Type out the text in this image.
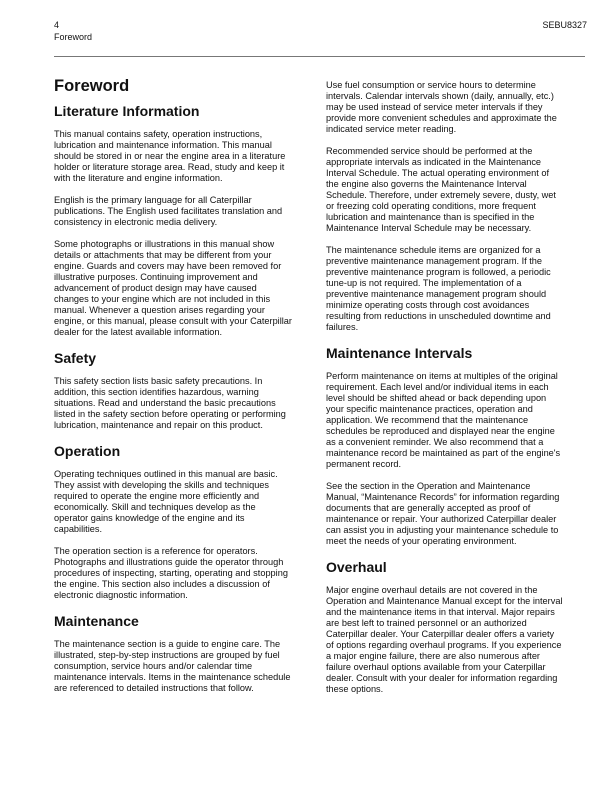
4
Foreword
SEBU8327
Foreword
Literature Information

This manual contains safety, operation instructions, lubrication and maintenance information. This manual should be stored in or near the engine area in a literature holder or literature storage area. Read, study and keep it with the literature and engine information.

English is the primary language for all Caterpillar publications. The English used facilitates translation and consistency in electronic media delivery.

Some photographs or illustrations in this manual show details or attachments that may be different from your engine. Guards and covers may have been removed for illustrative purposes. Continuing improvement and advancement of product design may have caused changes to your engine which are not included in this manual. Whenever a question arises regarding your engine, or this manual, please consult with your Caterpillar dealer for the latest available information.

Safety

This safety section lists basic safety precautions. In addition, this section identifies hazardous, warning situations. Read and understand the basic precautions listed in the safety section before operating or performing lubrication, maintenance and repair on this product.

Operation

Operating techniques outlined in this manual are basic. They assist with developing the skills and techniques required to operate the engine more efficiently and economically. Skill and techniques develop as the operator gains knowledge of the engine and its capabilities.

The operation section is a reference for operators. Photographs and illustrations guide the operator through procedures of inspecting, starting, operating and stopping the engine. This section also includes a discussion of electronic diagnostic information.

Maintenance

The maintenance section is a guide to engine care. The illustrated, step-by-step instructions are grouped by fuel consumption, service hours and/or calendar time maintenance intervals. Items in the maintenance schedule are referenced to detailed instructions that follow.

Use fuel consumption or service hours to determine intervals. Calendar intervals shown (daily, annually, etc.) may be used instead of service meter intervals if they provide more convenient schedules and approximate the indicated service meter reading.

Recommended service should be performed at the appropriate intervals as indicated in the Maintenance Interval Schedule. The actual operating environment of the engine also governs the Maintenance Interval Schedule. Therefore, under extremely severe, dusty, wet or freezing cold operating conditions, more frequent lubrication and maintenance than is specified in the Maintenance Interval Schedule may be necessary.

The maintenance schedule items are organized for a preventive maintenance management program. If the preventive maintenance program is followed, a periodic tune-up is not required. The implementation of a preventive maintenance management program should minimize operating costs through cost avoidances resulting from reductions in unscheduled downtime and failures.

Maintenance Intervals

Perform maintenance on items at multiples of the original requirement. Each level and/or individual items in each level should be shifted ahead or back depending upon your specific maintenance practices, operation and application. We recommend that the maintenance schedules be reproduced and displayed near the engine as a convenient reminder. We also recommend that a maintenance record be maintained as part of the engine's permanent record.

See the section in the Operation and Maintenance Manual, “Maintenance Records” for information regarding documents that are generally accepted as proof of maintenance or repair. Your authorized Caterpillar dealer can assist you in adjusting your maintenance schedule to meet the needs of your operating environment.

Overhaul

Major engine overhaul details are not covered in the Operation and Maintenance Manual except for the interval and the maintenance items in that interval. Major repairs are best left to trained personnel or an authorized Caterpillar dealer. Your Caterpillar dealer offers a variety of options regarding overhaul programs. If you experience a major engine failure, there are also numerous after failure overhaul options available from your Caterpillar dealer. Consult with your dealer for information regarding these options.
